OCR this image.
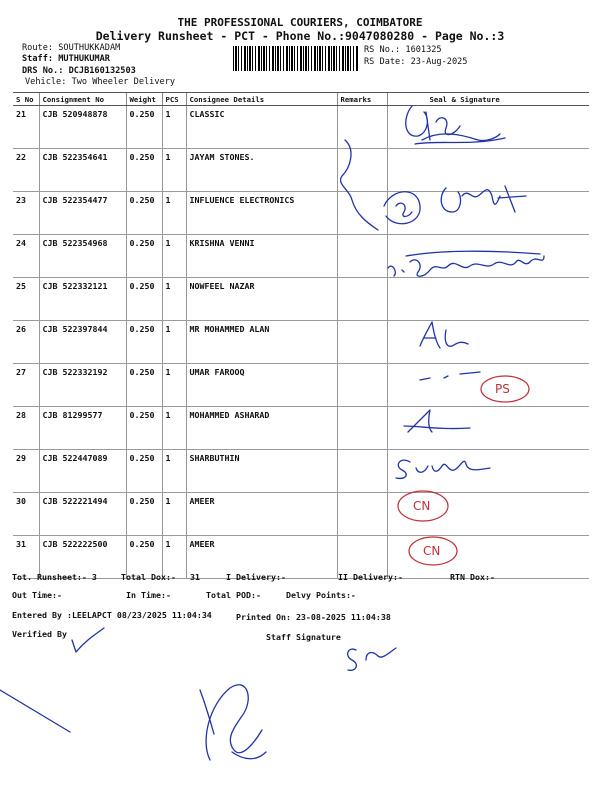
THE PROFESSIONAL COURIERS, COIMBATORE
Delivery Runsheet - PCT - Phone No.:9047080280 - Page No.:3
Route: SOUTHUKKADAM
Staff: MUTHUKUMAR
DRS No.: DCJB160132503
Vehicle: Two Wheeler Delivery
RS No.: 1601325
RS Date: 23-Aug-2025
S No	Consignment No	Weight	PCS	Consignee Details	Remarks	Seal & Signature
21	CJB 520948878	0.250	1	CLASSIC		
22	CJB 522354641	0.250	1	JAYAM STONES.		
23	CJB 522354477	0.250	1	INFLUENCE ELECTRONICS		
24	CJB 522354968	0.250	1	KRISHNA VENNI		
25	CJB 522332121	0.250	1	NOWFEEL NAZAR		
26	CJB 522397844	0.250	1	MR MOHAMMED ALAN		
27	CJB 522332192	0.250	1	UMAR FAROOQ		
28	CJB 81299577	0.250	1	MOHAMMED ASHARAD		
29	CJB 522447089	0.250	1	SHARBUTHIN		
30	CJB 522221494	0.250	1	AMEER		
31	CJB 522222500	0.250	1	AMEER		
Tot. Runsheet:- 3	Total Dox:- 31	I Delivery:-	II Delivery:-	RTN Dox:-
Out Time:-	In Time:-	Total POD:-	Delvy Points:-
Entered By :LEELAPCT 08/23/2025 11:04:34	Printed On: 23-08-2025 11:04:38
Verified By	Staff Signature
PS
CN
CN
